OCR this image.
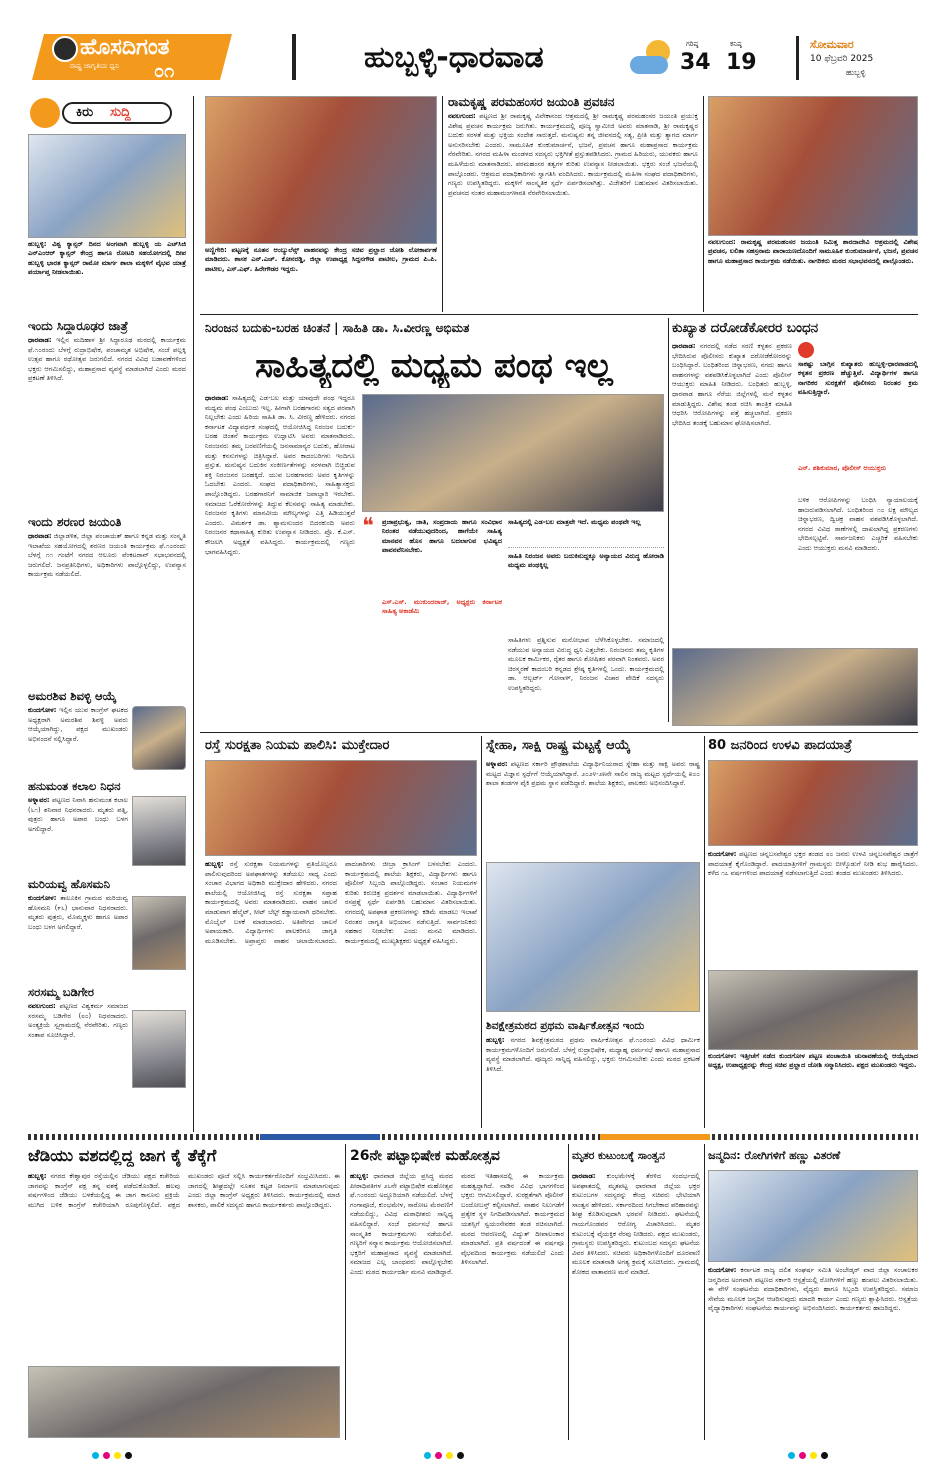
ಹೊಸದಿಗಂತ
ರಾಷ್ಟ್ರ ಜಾಗೃತಿಯ ಧ್ವನಿ ೦೧	ಹುಬ್ಬಳ್ಳಿ-ಧಾರವಾಡ	ಗರಿಷ್ಠ
34
ಕನಿಷ್ಠ
19
ಸೋಮವಾರ
10 ಫೆಬ್ರವರಿ 2025
ಹುಬ್ಬಳ್ಳಿ
ಕಿರು ಸುದ್ದಿ
ಹುಬ್ಬಳ್ಳಿ: ವಿಶ್ವ ಕ್ಯಾನ್ಸರ್ ದಿನದ ಅಂಗವಾಗಿ ಹುಬ್ಬಳ್ಳಿ ಯ ಎಚ್‌ಸಿಜಿ ಎನ್‌ಎಂಆರ್ ಕ್ಯಾನ್ಸರ್ ಕೇಂದ್ರ ಹಾಗೂ ರೋಟರಿ ಸಹಯೋಗದಲ್ಲಿ ದೀಪ ಹುಬ್ಬಳ್ಳಿ ಭಾರತ ಕ್ಯಾನ್ಸರ್ ರಾಮೋ ಮಾರ್ಗ ಶಾಲಾ ಮಕ್ಕಳಿಗೆ ವೈಭವ ಯಾತ್ರೆ ಪರ್ಯಾಪ್ತ ನೀಡಲಾಯಿತು.
ಇಂದು ಸಿದ್ಧಾರೂಢರ ಜಾತ್ರೆ
ಧಾರವಾಡ: ಇಲ್ಲಿನ ಮದಿಹಾಳ ಶ್ರೀ ಸಿದ್ದಾರೂಢ ಮಠದಲ್ಲಿ ಕಾರ್ಯಕ್ರಮ ಫೆ.೧೦ರಂದು ಬೆಳಗ್ಗೆ ರುದ್ರಾಭಿಷೇಕ, ಪಂಚಾಮೃತ ಅಭಿಷೇಕ, ಸಂಜೆ ಪಲ್ಲಕ್ಕಿ ಉತ್ಸವ ಹಾಗೂ ರಥೋತ್ಸವ ಜರುಗಲಿದೆ. ನಗರದ ವಿವಿಧ ಬಡಾವಣೆಗಳಿಂದ ಭಕ್ತರು ಆಗಮಿಸಲಿದ್ದು, ಮಹಾಪ್ರಸಾದ ವ್ಯವಸ್ಥೆ ಮಾಡಲಾಗಿದೆ ಎಂದು ಮಠದ ಪ್ರಕಟಣೆ ತಿಳಿಸಿದೆ.
ಇಂದು ಶರಣರ ಜಯಂತಿ
ಧಾರವಾಡ: ಜಿಲ್ಲಾಡಳಿತ, ಜಿಲ್ಲಾ ಪಂಚಾಯತ್ ಹಾಗೂ ಕನ್ನಡ ಮತ್ತು ಸಂಸ್ಕೃತಿ ಇಲಾಖೆಯ ಸಹಯೋಗದಲ್ಲಿ ಶರಣರ ಜಯಂತಿ ಕಾರ್ಯಕ್ರಮ ಫೆ.೧೦ರಂದು ಬೆಳಗ್ಗೆ ೧೧ ಗಂಟೆಗೆ ನಗರದ ಆಲೂರು ವೆಂಕಟರಾವ್ ಸಭಾಭವನದಲ್ಲಿ ಜರುಗಲಿದೆ. ಜನಪ್ರತಿನಿಧಿಗಳು, ಅಧಿಕಾರಿಗಳು ಪಾಲ್ಗೊಳ್ಳಲಿದ್ದು, ಉಪನ್ಯಾಸ ಕಾರ್ಯಕ್ರಮ ನಡೆಯಲಿದೆ.
ಅಮರಶಿವ ಶಿವಳ್ಳಿ ಆಯ್ಕೆ
ಕುಂದಗೋಳ: ಇಲ್ಲಿನ ಯುವ ಕಾಂಗ್ರೆಸ್ ಘಟಕದ ಅಧ್ಯಕ್ಷರಾಗಿ ಅಮರಶಿವ ಶಿವಳ್ಳಿ ಅವರು ಆಯ್ಕೆಯಾಗಿದ್ದು, ಪಕ್ಷದ ಮುಖಂಡರು ಅಭಿನಂದನೆ ಸಲ್ಲಿಸಿದ್ದಾರೆ.
ಹನುಮಂತ ಕಲಾಲ ನಿಧನ
ಅಳ್ನಾವರ: ಪಟ್ಟಣದ ನಿವಾಸಿ ಹನುಮಂತ ಕಲಾಲ (೬೧) ಶನಿವಾರ ನಿಧನರಾದರು. ಮೃತರು ಪತ್ನಿ, ಪುತ್ರರು ಹಾಗೂ ಅಪಾರ ಬಂಧು ಬಳಗ ಅಗಲಿದ್ದಾರೆ.
ಮರಿಯವ್ವ ಹೊಸಮನಿ
ಕುಂದಗೋಳ: ತಾಲೂಕಿನ ಗ್ರಾಮದ ಮರಿಯವ್ವ ಹೊಸಮನಿ (೯೬) ಭಾನುವಾರ ನಿಧನರಾದರು. ಮೃತರು ಪುತ್ರರು, ಮೊಮ್ಮಕ್ಕಳು ಹಾಗೂ ಅಪಾರ ಬಂಧು ಬಳಗ ಅಗಲಿದ್ದಾರೆ.
ಸರಸಮ್ಮ ಬಡಿಗೇರ
ನವಲಗುಂದ: ಪಟ್ಟಣದ ವಿಶ್ವಕರ್ಮ ಸಮಾಜದ ಸರಸಮ್ಮ ಬಡಿಗೇರ (೮೦) ನಿಧನರಾದರು. ಅಂತ್ಯಕ್ರಿಯೆ ಸ್ವಗ್ರಾಮದಲ್ಲಿ ನೆರವೇರಿತು. ಗಣ್ಯರು ಸಂತಾಪ ಸೂಚಿಸಿದ್ದಾರೆ.
ಅಣ್ಣಿಗೇರಿ: ಪಟ್ಟಣಕ್ಕೆ ನೂತನ ಆಂಬ್ಯುಲೆನ್ಸ್ ವಾಹನವನ್ನು ಕೇಂದ್ರ ಸಚಿವ ಪ್ರಲ್ಹಾದ ಜೋಶಿ ಲೋಕಾರ್ಪಣೆ ಮಾಡಿದರು. ಶಾಸಕ ಎನ್.ಎಚ್. ಕೋನರಡ್ಡಿ, ಜಿಲ್ಲಾ ಉಪಾಧ್ಯಕ್ಷ ಸಿದ್ದನಗೌಡ ಪಾಟೀಲ, ಗ್ರಾಮದ ಪಿ.ಪಿ. ಪಾಟೀಲ, ಎಸ್.ಎಫ್. ಹಿರೇಗೌಡರ ಇದ್ದರು.
ರಾಮಕೃಷ್ಣ ಪರಮಹಂಸರ ಜಯಂತಿ ಪ್ರವಚನ
ನವಲಗುಂದ: ಪಟ್ಟಣದ ಶ್ರೀ ರಾಮಕೃಷ್ಣ ವಿವೇಕಾನಂದ ಆಶ್ರಮದಲ್ಲಿ ಶ್ರೀ ರಾಮಕೃಷ್ಣ ಪರಮಹಂಸರ ಜಯಂತಿ ಪ್ರಯುಕ್ತ ವಿಶೇಷ ಪ್ರವಚನ ಕಾರ್ಯಕ್ರಮ ಜರುಗಿತು. ಕಾರ್ಯಕ್ರಮದಲ್ಲಿ ಪೂಜ್ಯ ಸ್ವಾಮೀಜಿ ಅವರು ಮಾತನಾಡಿ, ಶ್ರೀ ರಾಮಕೃಷ್ಣರ ಬದುಕು ಸರಳತೆ ಮತ್ತು ಭಕ್ತಿಯ ಸಂದೇಶ ಸಾರುತ್ತದೆ. ಮನುಷ್ಯನು ತನ್ನ ಜೀವನದಲ್ಲಿ ಸತ್ಯ, ಪ್ರೀತಿ ಮತ್ತು ತ್ಯಾಗದ ಮಾರ್ಗ ಅನುಸರಿಸಬೇಕು ಎಂದರು. ಸಾಮೂಹಿಕ ಕುಂಕುಮಾರ್ಚನೆ, ಭಜನೆ, ಪ್ರವಚನ ಹಾಗೂ ಮಹಾಪ್ರಸಾದ ಕಾರ್ಯಕ್ರಮ ನೆರವೇರಿತು. ನಗರದ ಮಹಿಳಾ ಮಂಡಳದ ಸದಸ್ಯರು ಭಕ್ತಿಗೀತೆ ಪ್ರಸ್ತುತಪಡಿಸಿದರು. ಗ್ರಾಮದ ಹಿರಿಯರು, ಯುವಕರು ಹಾಗೂ ಮಹಿಳೆಯರು ಮಾತನಾಡಿದರು. ಪರಮಹಂಸರ ತತ್ವಗಳ ಕುರಿತು ಉಪನ್ಯಾಸ ನೀಡಲಾಯಿತು. ಭಕ್ತರು ಸಂಜೆ ಭಜನೆಯಲ್ಲಿ ಪಾಲ್ಗೊಂಡರು. ಆಶ್ರಮದ ಪದಾಧಿಕಾರಿಗಳು ಸ್ವಾಗತಿಸಿ ವಂದಿಸಿದರು. ಕಾರ್ಯಕ್ರಮದಲ್ಲಿ ಮಹಿಳಾ ಸಂಘದ ಪದಾಧಿಕಾರಿಗಳು, ಗಣ್ಯರು ಉಪಸ್ಥಿತರಿದ್ದರು. ಮಕ್ಕಳಿಗೆ ಸಾಂಸ್ಕೃತಿಕ ಸ್ಪರ್ಧೆ ಏರ್ಪಡಿಸಲಾಗಿತ್ತು. ವಿಜೇತರಿಗೆ ಬಹುಮಾನ ವಿತರಿಸಲಾಯಿತು. ಪ್ರವಚನದ ನಂತರ ಮಹಾಮಂಗಳಾರತಿ ನೆರವೇರಿಸಲಾಯಿತು.
ನವಲಗುಂದ: ರಾಮಕೃಷ್ಣ ಪರಮಹಂಸರ ಜಯಂತಿ ನಿಮಿತ್ತ ಶಾರದಾದೇವಿ ಆಶ್ರಮದಲ್ಲಿ ವಿಶೇಷ ಪ್ರವಚನ, ಲಲಿತಾ ಸಹಸ್ರನಾಮ ಪಾರಾಯಣದೊಂದಿಗೆ ಸಾಮೂಹಿಕ ಕುಂಕುಮಾರ್ಚನೆ, ಭಜನೆ, ಪ್ರವಚನ ಹಾಗೂ ಮಹಾಪ್ರಸಾದ ಕಾರ್ಯಕ್ರಮ ನಡೆಯಿತು. ನಾಗರಿಕರು ಮಠದ ಸಭಾಭವನದಲ್ಲಿ ಪಾಲ್ಗೊಂಡರು.
ನಿರಂಜನ ಬದುಕು-ಬರಹ ಚಿಂತನೆ | ಸಾಹಿತಿ ಡಾ. ಸಿ.ವೀರಣ್ಣ ಅಭಿಮತ
ಸಾಹಿತ್ಯದಲ್ಲಿ ಮಧ್ಯಮ ಪಂಥ ಇಲ್ಲ
ಧಾರವಾಡ: ಸಾಹಿತ್ಯದಲ್ಲಿ ಎಡ-ಬಲ ಮತ್ತು ಯಾವುದೇ ಪಂಥ ಇದ್ದರೂ ಮಧ್ಯಮ ಪಂಥ ಎಂಬುದು ಇಲ್ಲ. ಹೀಗಾಗಿ ಬರಹಗಾರನು ಸತ್ಯದ ಪರವಾಗಿ ನಿಲ್ಲಬೇಕು ಎಂದು ಹಿರಿಯ ಸಾಹಿತಿ ಡಾ. ಸಿ. ವೀರಣ್ಣ ಹೇಳಿದರು. ನಗರದ ಕರ್ನಾಟಕ ವಿದ್ಯಾವರ್ಧಕ ಸಂಘದಲ್ಲಿ ಆಯೋಜಿಸಿದ್ದ ನಿರಂಜನ ಬದುಕು-ಬರಹ ಚಿಂತನೆ ಕಾರ್ಯಕ್ರಮ ಉದ್ಘಾಟಿಸಿ ಅವರು ಮಾತನಾಡಿದರು. ನಿರಂಜನರು ತಮ್ಮ ಬರವಣಿಗೆಯಲ್ಲಿ ಜನಸಾಮಾನ್ಯರ ಬದುಕು, ಹೋರಾಟ ಮತ್ತು ಕನಸುಗಳನ್ನು ಚಿತ್ರಿಸಿದ್ದಾರೆ. ಅವರ ಕಾದಂಬರಿಗಳು ಇಂದಿಗೂ ಪ್ರಸ್ತುತ. ಮನುಷ್ಯನ ಬದುಕಿನ ಸಂಕೀರ್ಣತೆಗಳನ್ನು ಸರಳವಾಗಿ ಬಿಚ್ಚಿಡುವ ಶಕ್ತಿ ನಿರಂಜನರ ಬರಹಕ್ಕಿದೆ. ಯುವ ಬರಹಗಾರರು ಅವರ ಕೃತಿಗಳನ್ನು ಓದಬೇಕು ಎಂದರು. ಸಂಘದ ಪದಾಧಿಕಾರಿಗಳು, ಸಾಹಿತ್ಯಾಸಕ್ತರು ಪಾಲ್ಗೊಂಡಿದ್ದರು. ಬರಹಗಾರನಿಗೆ ಸಾಮಾಜಿಕ ಜವಾಬ್ದಾರಿ ಇರಬೇಕು. ಸಮಾಜದ ಓರೆಕೋರೆಗಳನ್ನು ತಿದ್ದುವ ಕೆಲಸವನ್ನು ಸಾಹಿತ್ಯ ಮಾಡಬೇಕು. ನಿರಂಜನರ ಕೃತಿಗಳು ಮಾನವೀಯ ಮೌಲ್ಯಗಳನ್ನು ಎತ್ತಿ ಹಿಡಿಯುತ್ತವೆ ಎಂದರು. ವಿಮರ್ಶಕ ಡಾ. ಶ್ಯಾಮಸುಂದರ ಬಿದರಕುಂದಿ ಅವರು ನಿರಂಜನರ ಕಥಾಸಾಹಿತ್ಯ ಕುರಿತು ಉಪನ್ಯಾಸ ನೀಡಿದರು. ಪ್ರೊ. ಕೆ.ಎಸ್. ಕೌಜಲಗಿ ಅಧ್ಯಕ್ಷತೆ ವಹಿಸಿದ್ದರು. ಕಾರ್ಯಕ್ರಮದಲ್ಲಿ ಗಣ್ಯರು ಭಾಗವಹಿಸಿದ್ದರು.
❝	ಪ್ರಜಾಪ್ರಭುತ್ವ, ಜಾತಿ, ಸಂಪ್ರದಾಯ ಹಾಗೂ ಸಂವಿಧಾನ ನಿರಂತರ ನಡೆಯುವುದರಿಂದ, ಹಾಗೆಯೇ ಸಾಹಿತ್ಯ ಮಾನವನ ಹೊಸ ಹಾಗೂ ಬದಲಾಗುವ ಭವಿಷ್ಯದ ಪಾವನವೆನಿಸಬೇಕು.
ಎಸ್.ಎಸ್. ಮುಕುಂದರಾಜ್, ಅಧ್ಯಕ್ಷರು ಕರ್ನಾಟಕ ಸಾಹಿತ್ಯ ಅಕಾಡೆಮಿ
ಸಾಹಿತ್ಯದಲ್ಲಿ ಎಡ-ಬಲ ಮಾತ್ರವೇ ಇದೆ. ಮಧ್ಯಮ ಪಂಥವೇ ಇಲ್ಲ
ಸಾಹಿತಿ ನಿರಂಜನ ಅವರು ಬದುಕಿನುದ್ದಕ್ಕೂ ಅನ್ಯಾಯದ ವಿರುದ್ಧ ಹೋರಾಡಿ ಮಧ್ಯಮ ಪಂಥಕ್ಕಿಲ್ಲ
ಸಾಹಿತಿಗಳು ಪ್ರಶ್ನಿಸುವ ಮನೋಭಾವ ಬೆಳೆಸಿಕೊಳ್ಳಬೇಕು. ಸಮಾಜದಲ್ಲಿ ನಡೆಯುವ ಅನ್ಯಾಯದ ವಿರುದ್ಧ ಧ್ವನಿ ಎತ್ತಬೇಕು. ನಿರಂಜನರು ತಮ್ಮ ಕೃತಿಗಳ ಮೂಲಕ ಕಾರ್ಮಿಕರ, ರೈತರ ಹಾಗೂ ಶೋಷಿತರ ಪರವಾಗಿ ನಿಂತವರು. ಅವರ ಚಿರಸ್ಮರಣೆ ಕಾದಂಬರಿ ಕನ್ನಡದ ಶ್ರೇಷ್ಠ ಕೃತಿಗಳಲ್ಲಿ ಒಂದು. ಕಾರ್ಯಕ್ರಮದಲ್ಲಿ ಡಾ. ಆಲ್ಬರ್ಟ್ ಗೋನಾಳ್, ನಿರಂಜನ ವಿಚಾರ ವೇದಿಕೆ ಸದಸ್ಯರು ಉಪಸ್ಥಿತರಿದ್ದರು.
ಕುಖ್ಯಾತ ದರೋಡೆಕೋರರ ಬಂಧನ
ಧಾರವಾಡ: ನಗರದಲ್ಲಿ ನಡೆದ ಸರಣಿ ಕಳ್ಳತನ ಪ್ರಕರಣ ಭೇದಿಸಿರುವ ಪೊಲೀಸರು ಕುಖ್ಯಾತ ದರೋಡೆಕೋರರನ್ನು ಬಂಧಿಸಿದ್ದಾರೆ. ಬಂಧಿತರಿಂದ ಚಿನ್ನಾಭರಣ, ನಗದು ಹಾಗೂ ವಾಹನಗಳನ್ನು ವಶಪಡಿಸಿಕೊಳ್ಳಲಾಗಿದೆ ಎಂದು ಪೊಲೀಸ್ ಆಯುಕ್ತರು ಮಾಹಿತಿ ನೀಡಿದರು. ಬಂಧಿತರು ಹುಬ್ಬಳ್ಳಿ, ಧಾರವಾಡ ಹಾಗೂ ನೆರೆಯ ಜಿಲ್ಲೆಗಳಲ್ಲಿ ಮನೆ ಕಳ್ಳತನ ಮಾಡುತ್ತಿದ್ದರು. ವಿಶೇಷ ತಂಡ ರಚಿಸಿ ತಾಂತ್ರಿಕ ಮಾಹಿತಿ ಆಧರಿಸಿ ಆರೋಪಿಗಳನ್ನು ಪತ್ತೆ ಹಚ್ಚಲಾಗಿದೆ. ಪ್ರಕರಣ ಭೇದಿಸಿದ ತಂಡಕ್ಕೆ ಬಹುಮಾನ ಘೋಷಿಸಲಾಗಿದೆ.
ಸಾಕಷ್ಟು ಬಾಗ್ಗಿನ ಕುಖ್ಯಾತರು ಹುಬ್ಬಳ್ಳಿ-ಧಾರವಾಡದಲ್ಲಿ ಕಳ್ಳತನ ಪ್ರಕರಣ ಹೆಚ್ಚುತ್ತಿವೆ. ವಿದ್ಯಾರ್ಥಿಗಳ ಹಾಗೂ ನಾಗರಿಕರ ಸುರಕ್ಷತೆಗೆ ಪೊಲೀಸರು ನಿರಂತರ ಕ್ರಮ ವಹಿಸುತ್ತಿದ್ದಾರೆ.
ಎನ್. ಶಶಿಕುಮಾರ, ಪೊಲೀಸ್ ಆಯುಕ್ತರು
ಬಳಿಕ ಆರೋಪಿಗಳನ್ನು ಬಂಧಿಸಿ ನ್ಯಾಯಾಲಯಕ್ಕೆ ಹಾಜರುಪಡಿಸಲಾಗಿದೆ. ಬಂಧಿತರಿಂದ ೧೦ ಲಕ್ಷ ಮೌಲ್ಯದ ಚಿನ್ನಾಭರಣ, ದ್ವಿಚಕ್ರ ವಾಹನ ವಶಪಡಿಸಿಕೊಳ್ಳಲಾಗಿದೆ. ನಗರದ ವಿವಿಧ ಠಾಣೆಗಳಲ್ಲಿ ದಾಖಲಾಗಿದ್ದ ಪ್ರಕರಣಗಳು ಭೇದಿಸಲ್ಪಟ್ಟಿವೆ. ಸಾರ್ವಜನಿಕರು ಎಚ್ಚರಿಕೆ ವಹಿಸಬೇಕು ಎಂದು ಆಯುಕ್ತರು ಮನವಿ ಮಾಡಿದರು.
ರಸ್ತೆ ಸುರಕ್ಷತಾ ನಿಯಮ ಪಾಲಿಸಿ: ಮುಕ್ತೇದಾರ
ಹುಬ್ಬಳ್ಳಿ: ರಸ್ತೆ ಸುರಕ್ಷತಾ ನಿಯಮಗಳನ್ನು ಪ್ರತಿಯೊಬ್ಬರೂ ಪಾಲಿಸುವುದರಿಂದ ಅಪಘಾತಗಳನ್ನು ತಡೆಯಲು ಸಾಧ್ಯ ಎಂದು ಸಂಚಾರ ವಿಭಾಗದ ಅಧಿಕಾರಿ ಮುಕ್ತೇದಾರ ಹೇಳಿದರು. ನಗರದ ಶಾಲೆಯಲ್ಲಿ ಆಯೋಜಿಸಿದ್ದ ರಸ್ತೆ ಸುರಕ್ಷತಾ ಸಪ್ತಾಹ ಕಾರ್ಯಕ್ರಮದಲ್ಲಿ ಅವರು ಮಾತನಾಡಿದರು. ವಾಹನ ಚಾಲನೆ ಮಾಡುವಾಗ ಹೆಲ್ಮೆಟ್, ಸೀಟ್ ಬೆಲ್ಟ್ ಕಡ್ಡಾಯವಾಗಿ ಧರಿಸಬೇಕು. ಮೊಬೈಲ್ ಬಳಕೆ ಮಾಡಬಾರದು. ಅತಿವೇಗದ ಚಾಲನೆ ಅಪಾಯಕಾರಿ. ವಿದ್ಯಾರ್ಥಿಗಳು ಪಾಲಕರಿಗೂ ಜಾಗೃತಿ ಮೂಡಿಸಬೇಕು. ಅಪ್ರಾಪ್ತರು ವಾಹನ ಚಲಾಯಿಸಬಾರದು. ಪಾದಚಾರಿಗಳು ಜೀಬ್ರಾ ಕ್ರಾಸಿಂಗ್ ಬಳಸಬೇಕು ಎಂದರು. ಕಾರ್ಯಕ್ರಮದಲ್ಲಿ ಶಾಲೆಯ ಶಿಕ್ಷಕರು, ವಿದ್ಯಾರ್ಥಿಗಳು ಹಾಗೂ ಪೊಲೀಸ್ ಸಿಬ್ಬಂದಿ ಪಾಲ್ಗೊಂಡಿದ್ದರು. ಸಂಚಾರ ನಿಯಮಗಳ ಕುರಿತು ಕಿರುಚಿತ್ರ ಪ್ರದರ್ಶನ ಮಾಡಲಾಯಿತು. ವಿದ್ಯಾರ್ಥಿಗಳಿಗೆ ರಸಪ್ರಶ್ನೆ ಸ್ಪರ್ಧೆ ಏರ್ಪಡಿಸಿ ಬಹುಮಾನ ವಿತರಿಸಲಾಯಿತು. ನಗರದಲ್ಲಿ ಅಪಘಾತ ಪ್ರಕರಣಗಳನ್ನು ಕಡಿಮೆ ಮಾಡಲು ಇಲಾಖೆ ನಿರಂತರ ಜಾಗೃತಿ ಅಭಿಯಾನ ನಡೆಸುತ್ತಿದೆ. ಸಾರ್ವಜನಿಕರು ಸಹಕಾರ ನೀಡಬೇಕು ಎಂದು ಮನವಿ ಮಾಡಿದರು. ಕಾರ್ಯಕ್ರಮದಲ್ಲಿ ಮುಖ್ಯಶಿಕ್ಷಕರು ಅಧ್ಯಕ್ಷತೆ ವಹಿಸಿದ್ದರು.
ಸ್ನೇಹಾ, ಸಾಕ್ಷಿ ರಾಷ್ಟ್ರ ಮಟ್ಟಕ್ಕೆ ಆಯ್ಕೆ
ಅಳ್ನಾವರ: ಪಟ್ಟಣದ ಸರ್ಕಾರಿ ಪ್ರೌಢಶಾಲೆಯ ವಿದ್ಯಾರ್ಥಿನಿಯರಾದ ಸ್ನೇಹಾ ಮತ್ತು ಸಾಕ್ಷಿ ಅವರು ರಾಷ್ಟ್ರ ಮಟ್ಟದ ವಿಜ್ಞಾನ ಸ್ಪರ್ಧೆಗೆ ಆಯ್ಕೆಯಾಗಿದ್ದಾರೆ. ೨೦೨೪-೨೫ನೇ ಸಾಲಿನ ರಾಜ್ಯ ಮಟ್ಟದ ಸ್ಪರ್ಧೆಯಲ್ಲಿ ೫೦೦ ಶಾಲಾ ತಂಡಗಳ ಪೈಕಿ ಪ್ರಥಮ ಸ್ಥಾನ ಪಡೆದಿದ್ದಾರೆ. ಶಾಲೆಯ ಶಿಕ್ಷಕರು, ಪಾಲಕರು ಅಭಿನಂದಿಸಿದ್ದಾರೆ.
ಶಿವಕ್ಷೇತ್ರಮಠದ ಪ್ರಥಮ ವಾರ್ಷಿಕೋತ್ಸವ ಇಂದು
ಹುಬ್ಬಳ್ಳಿ: ನಗರದ ಶಿವಕ್ಷೇತ್ರಮಠದ ಪ್ರಥಮ ವಾರ್ಷಿಕೋತ್ಸವ ಫೆ.೧೦ರಂದು ವಿವಿಧ ಧಾರ್ಮಿಕ ಕಾರ್ಯಕ್ರಮಗಳೊಂದಿಗೆ ಜರುಗಲಿದೆ. ಬೆಳಗ್ಗೆ ರುದ್ರಾಭಿಷೇಕ, ಮಧ್ಯಾಹ್ನ ಧರ್ಮಸಭೆ ಹಾಗೂ ಮಹಾಪ್ರಸಾದ ವ್ಯವಸ್ಥೆ ಮಾಡಲಾಗಿದೆ. ಪೂಜ್ಯರು ಸಾನ್ನಿಧ್ಯ ವಹಿಸಲಿದ್ದು, ಭಕ್ತರು ಆಗಮಿಸಬೇಕು ಎಂದು ಮಠದ ಪ್ರಕಟಣೆ ತಿಳಿಸಿದೆ.
80 ಜನರಿಂದ ಉಳವಿ ಪಾದಯಾತ್ರೆ
ಕುಂದಗೋಳ: ಪಟ್ಟಣದ ಚನ್ನಬಸವೇಶ್ವರ ಭಕ್ತರ ತಂಡದ ೮೦ ಜನರು ಉಳವಿ ಚನ್ನಬಸವೇಶ್ವರ ಜಾತ್ರೆಗೆ ಪಾದಯಾತ್ರೆ ಕೈಗೊಂಡಿದ್ದಾರೆ. ಪಾದಯಾತ್ರಿಗಳಿಗೆ ಗ್ರಾಮಸ್ಥರು ಬೀಳ್ಕೊಡುಗೆ ನೀಡಿ ಶುಭ ಹಾರೈಸಿದರು. ಕಳೆದ ೧೭ ವರ್ಷಗಳಿಂದ ಪಾದಯಾತ್ರೆ ನಡೆಸಲಾಗುತ್ತಿದೆ ಎಂದು ತಂಡದ ಮುಖಂಡರು ತಿಳಿಸಿದರು.
ಕುಂದಗೋಳ: ಇತ್ತೀಚೆಗೆ ನಡೆದ ಕುಂದಗೋಳ ಪಟ್ಟಣ ಪಂಚಾಯಿತಿ ಚುನಾವಣೆಯಲ್ಲಿ ಆಯ್ಕೆಯಾದ ಅಧ್ಯಕ್ಷ, ಉಪಾಧ್ಯಕ್ಷರನ್ನು ಕೇಂದ್ರ ಸಚಿವ ಪ್ರಲ್ಹಾದ ಜೋಶಿ ಸನ್ಮಾನಿಸಿದರು. ಪಕ್ಷದ ಮುಖಂಡರು ಇದ್ದರು.
ಜೆಡಿಯು ವಶದಲ್ಲಿದ್ದ ಜಾಗ ಕೈ ತೆಕ್ಕೆಗೆ
ಹುಬ್ಬಳ್ಳಿ: ನಗರದ ಕೇಶ್ವಾಪುರ ರಸ್ತೆಯಲ್ಲಿನ ಜೆಡಿಯು ಪಕ್ಷದ ಕಚೇರಿಯ ಜಾಗವನ್ನು ಕಾಂಗ್ರೆಸ್ ಪಕ್ಷ ತನ್ನ ವಶಕ್ಕೆ ಪಡೆದುಕೊಂಡಿದೆ. ಹಲವು ವರ್ಷಗಳಿಂದ ಜೆಡಿಯು ಬಳಕೆಯಲ್ಲಿದ್ದ ಈ ಜಾಗ ಕಾನೂನು ಪ್ರಕ್ರಿಯೆ ಮುಗಿದ ಬಳಿಕ ಕಾಂಗ್ರೆಸ್ ಕಚೇರಿಯಾಗಿ ರೂಪುಗೊಳ್ಳಲಿದೆ. ಪಕ್ಷದ ಮುಖಂಡರು ಪೂಜೆ ಸಲ್ಲಿಸಿ ಕಾರ್ಯಕರ್ತರೊಂದಿಗೆ ಸಂಭ್ರಮಿಸಿದರು. ಈ ಜಾಗದಲ್ಲಿ ಶೀಘ್ರದಲ್ಲೇ ನೂತನ ಕಟ್ಟಡ ನಿರ್ಮಾಣ ಮಾಡಲಾಗುವುದು ಎಂದು ಜಿಲ್ಲಾ ಕಾಂಗ್ರೆಸ್ ಅಧ್ಯಕ್ಷರು ತಿಳಿಸಿದರು. ಕಾರ್ಯಕ್ರಮದಲ್ಲಿ ಮಾಜಿ ಶಾಸಕರು, ಪಾಲಿಕೆ ಸದಸ್ಯರು ಹಾಗೂ ಕಾರ್ಯಕರ್ತರು ಪಾಲ್ಗೊಂಡಿದ್ದರು.
26ನೇ ಪಟ್ಟಾಭಿಷೇಕ ಮಹೋತ್ಸವ
ಹುಬ್ಬಳ್ಳಿ: ಧಾರವಾಡ ಜಿಲ್ಲೆಯ ಪ್ರಸಿದ್ಧ ಮಠದ ಪೀಠಾಧಿಪತಿಗಳ ೨೬ನೇ ಪಟ್ಟಾಭಿಷೇಕ ಮಹೋತ್ಸವ ಫೆ.೧೦ರಂದು ಅದ್ದೂರಿಯಾಗಿ ನಡೆಯಲಿದೆ. ಬೆಳಗ್ಗೆ ಗಂಗಾಪೂಜೆ, ಕುಂಭಮೇಳ, ಸಾರೋಟ ಮೆರವಣಿಗೆ ನಡೆಯಲಿದ್ದು, ವಿವಿಧ ಮಠಾಧೀಶರು ಸಾನ್ನಿಧ್ಯ ವಹಿಸಲಿದ್ದಾರೆ. ಸಂಜೆ ಧರ್ಮಸಭೆ ಹಾಗೂ ಸಾಂಸ್ಕೃತಿಕ ಕಾರ್ಯಕ್ರಮಗಳು ನಡೆಯಲಿವೆ. ಗಣ್ಯರಿಗೆ ಸನ್ಮಾನ ಕಾರ್ಯಕ್ರಮ ಆಯೋಜಿಸಲಾಗಿದೆ. ಭಕ್ತರಿಗೆ ಮಹಾಪ್ರಸಾದ ವ್ಯವಸ್ಥೆ ಮಾಡಲಾಗಿದೆ. ಸಮಾಜದ ಎಲ್ಲ ಬಾಂಧವರು ಪಾಲ್ಗೊಳ್ಳಬೇಕು ಎಂದು ಮಠದ ಕಾರ್ಯದರ್ಶಿ ಮನವಿ ಮಾಡಿದ್ದಾರೆ. ಮಠದ ಇತಿಹಾಸದಲ್ಲಿ ಈ ಕಾರ್ಯಕ್ರಮ ಮಹತ್ವದ್ದಾಗಿದೆ. ನಾಡಿನ ವಿವಿಧ ಭಾಗಗಳಿಂದ ಭಕ್ತರು ಆಗಮಿಸಲಿದ್ದಾರೆ. ಸುರಕ್ಷತೆಗಾಗಿ ಪೊಲೀಸ್ ಬಂದೋಬಸ್ತ್ ಕಲ್ಪಿಸಲಾಗಿದೆ. ವಾಹನ ನಿಲುಗಡೆಗೆ ಪ್ರತ್ಯೇಕ ಸ್ಥಳ ನಿಗದಿಪಡಿಸಲಾಗಿದೆ. ಕಾರ್ಯಕ್ರಮದ ಯಶಸ್ಸಿಗೆ ಸ್ವಯಂಸೇವಕರ ತಂಡ ರಚಿಸಲಾಗಿದೆ. ಮಠದ ಆವರಣದಲ್ಲಿ ವಿದ್ಯುತ್ ದೀಪಾಲಂಕಾರ ಮಾಡಲಾಗಿದೆ. ಪ್ರತಿ ವರ್ಷದಂತೆ ಈ ವರ್ಷವೂ ವೈಭವದಿಂದ ಕಾರ್ಯಕ್ರಮ ನಡೆಯಲಿದೆ ಎಂದು ತಿಳಿಸಲಾಗಿದೆ.
ಮೃತರ ಕುಟುಂಬಕ್ಕೆ ಸಾಂತ್ವನ
ಧಾರವಾಡ: ಕುಂಭಮೇಳಕ್ಕೆ ತೆರಳಿದ ಸಂದರ್ಭದಲ್ಲಿ ಅಪಘಾತದಲ್ಲಿ ಮೃತಪಟ್ಟ ಧಾರವಾಡ ಜಿಲ್ಲೆಯ ಭಕ್ತರ ಕುಟುಂಬಗಳ ಸದಸ್ಯರನ್ನು ಕೇಂದ್ರ ಸಚಿವರು ಭೇಟಿಯಾಗಿ ಸಾಂತ್ವನ ಹೇಳಿದರು. ಸರ್ಕಾರದಿಂದ ಸಿಗಬೇಕಾದ ಪರಿಹಾರವನ್ನು ಶೀಘ್ರ ಕೊಡಿಸುವುದಾಗಿ ಭರವಸೆ ನೀಡಿದರು. ಘಟನೆಯಲ್ಲಿ ಗಾಯಗೊಂಡವರ ಆರೋಗ್ಯ ವಿಚಾರಿಸಿದರು. ಮೃತರ ಕುಟುಂಬಕ್ಕೆ ವೈಯಕ್ತಿಕ ನೆರವು ನೀಡಿದರು. ಪಕ್ಷದ ಮುಖಂಡರು, ಗ್ರಾಮಸ್ಥರು ಉಪಸ್ಥಿತರಿದ್ದರು. ಕುಟುಂಬದ ಸದಸ್ಯರು ಘಟನೆಯ ವಿವರ ತಿಳಿಸಿದರು. ಸಚಿವರು ಅಧಿಕಾರಿಗಳೊಂದಿಗೆ ದೂರವಾಣಿ ಮೂಲಕ ಮಾತನಾಡಿ ಅಗತ್ಯ ಕ್ರಮಕ್ಕೆ ಸೂಚಿಸಿದರು. ಗ್ರಾಮದಲ್ಲಿ ಶೋಕದ ವಾತಾವರಣ ಮನೆ ಮಾಡಿದೆ.
ಜನ್ಮದಿನ: ರೋಗಿಗಳಿಗೆ ಹಣ್ಣು ವಿತರಣೆ
ಕುಂದಗೋಳ: ಕರ್ನಾಟಕ ರಾಜ್ಯ ದಲಿತ ಸಂಘರ್ಷ ಸಮಿತಿ ಅಂಬೇಡ್ಕರ್ ವಾದ ಜಿಲ್ಲಾ ಸಂಚಾಲಕರ ಜನ್ಮದಿನದ ಅಂಗವಾಗಿ ಪಟ್ಟಣದ ಸರ್ಕಾರಿ ಆಸ್ಪತ್ರೆಯಲ್ಲಿ ರೋಗಿಗಳಿಗೆ ಹಣ್ಣು ಹಂಪಲು ವಿತರಿಸಲಾಯಿತು. ಈ ವೇಳೆ ಸಂಘಟನೆಯ ಪದಾಧಿಕಾರಿಗಳು, ವೈದ್ಯರು ಹಾಗೂ ಸಿಬ್ಬಂದಿ ಉಪಸ್ಥಿತರಿದ್ದರು. ಸಮಾಜ ಸೇವೆಯ ಮೂಲಕ ಜನ್ಮದಿನ ಆಚರಿಸುವುದು ಮಾದರಿ ಕಾರ್ಯ ಎಂದು ಗಣ್ಯರು ಶ್ಲಾಘಿಸಿದರು. ಆಸ್ಪತ್ರೆಯ ವೈದ್ಯಾಧಿಕಾರಿಗಳು ಸಂಘಟನೆಯ ಕಾರ್ಯವನ್ನು ಅಭಿನಂದಿಸಿದರು. ಕಾರ್ಯಕರ್ತರು ಹಾಜರಿದ್ದರು.
